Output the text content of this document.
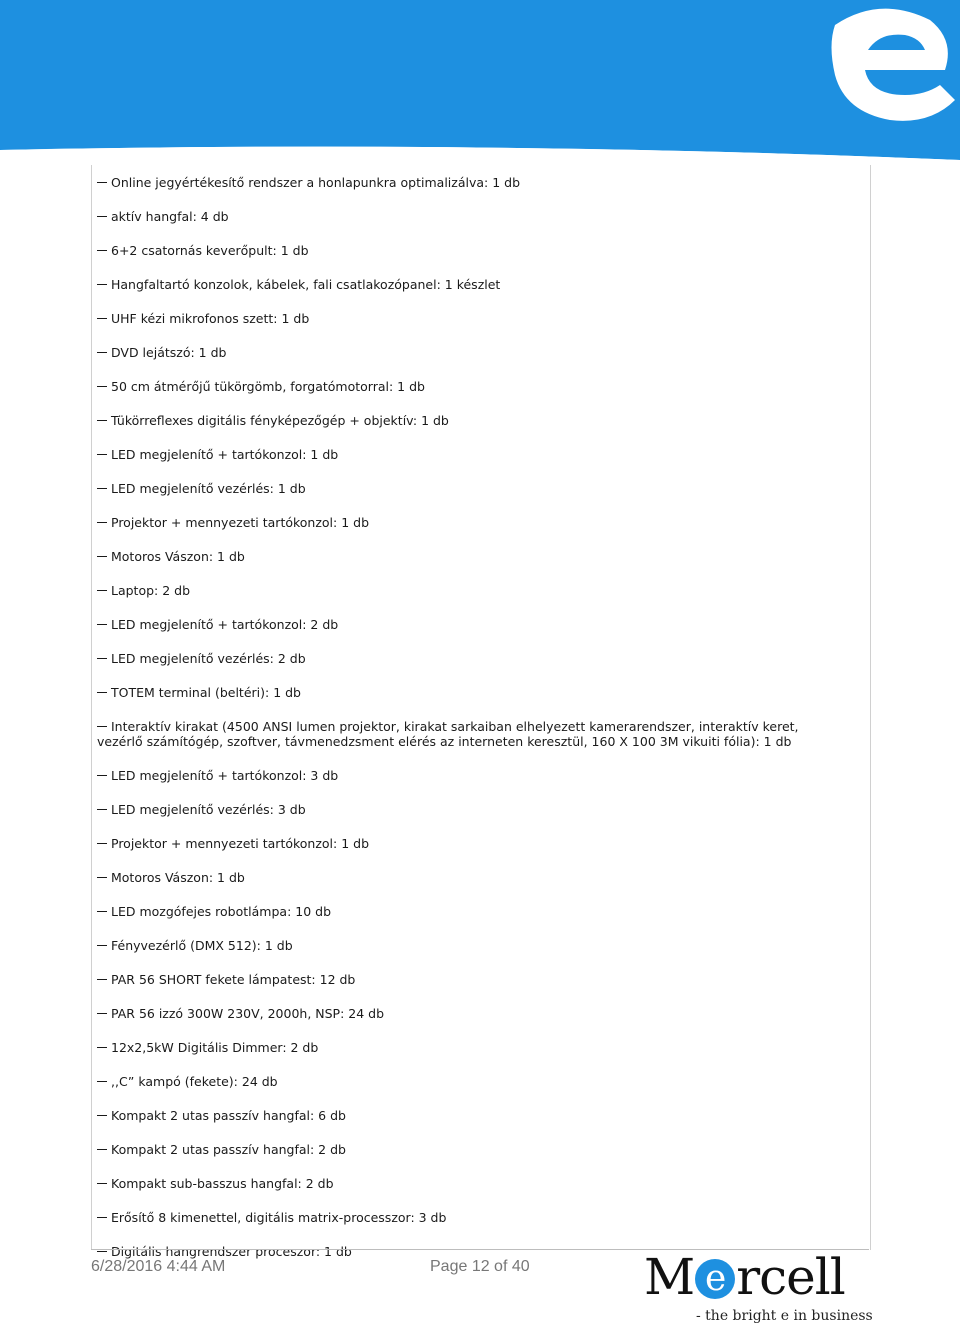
Online jegyértékesítő rendszer a honlapunkra optimalizálva: 1 db
aktív hangfal: 4 db
6+2 csatornás keverőpult: 1 db
Hangfaltartó konzolok, kábelek, fali csatlakozópanel: 1 készlet
UHF kézi mikrofonos szett: 1 db
DVD lejátszó: 1 db
50 cm átmérőjű tükörgömb, forgatómotorral: 1 db
Tükörreflexes digitális fényképezőgép + objektív: 1 db
LED megjelenítő + tartókonzol: 1 db
LED megjelenítő vezérlés: 1 db
Projektor + mennyezeti tartókonzol: 1 db
Motoros Vászon: 1 db
Laptop: 2 db
LED megjelenítő + tartókonzol: 2 db
LED megjelenítő vezérlés: 2 db
TOTEM terminal (beltéri): 1 db
Interaktív kirakat (4500 ANSI lumen projektor, kirakat sarkaiban elhelyezett kamerarendszer, interaktív keret, vezérlő számítógép, szoftver, távmenedzsment elérés az interneten keresztül, 160 X 100 3M vikuiti fólia): 1 db
LED megjelenítő + tartókonzol: 3 db
LED megjelenítő vezérlés: 3 db
Projektor + mennyezeti tartókonzol: 1 db
Motoros Vászon: 1 db
LED mozgófejes robotlámpa: 10 db
Fényvezérlő (DMX 512): 1 db
PAR 56 SHORT fekete lámpatest: 12 db
PAR 56 izzó 300W 230V, 2000h, NSP: 24 db
12x2,5kW Digitális Dimmer: 2 db
,,C” kampó (fekete): 24 db
Kompakt 2 utas passzív hangfal: 6 db
Kompakt 2 utas passzív hangfal: 2 db
Kompakt sub-basszus hangfal: 2 db
Erősítő 8 kimenettel, digitális matrix-processzor: 3 db
Digitális hangrendszer proceszor: 1 db
6/28/2016 4:44 AM	Page 12 of 40 M e rcell
- the bright e in business
